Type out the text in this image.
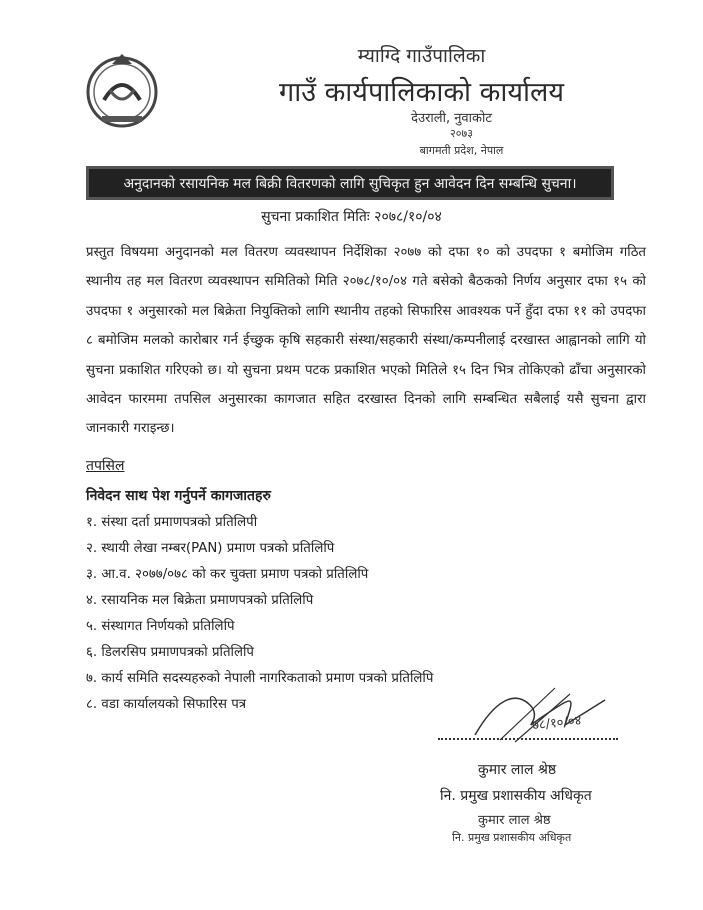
म्याग्दि गाउँपालिका
गाउँ कार्यपालिकाको कार्यालय
देउराली, नुवाकोट
२०७३
बागमती प्रदेश, नेपाल
अनुदानको रसायनिक मल बिक्री वितरणको लागि सुचिकृत हुन आवेदन दिन सम्बन्धि सुचना।
सुचना प्रकाशित मितिः २०७८/१०/०४
प्रस्तुत विषयमा अनुदानको मल वितरण व्यवस्थापन निर्देशिका २०७७ को दफा १० को उपदफा १ बमोजिम गठित स्थानीय तह मल वितरण व्यवस्थापन समितिको मिति २०७८/१०/०४ गते बसेको बैठकको निर्णय अनुसार दफा १५ को उपदफा १ अनुसारको मल बिक्रेता नियुक्तिको लागि स्थानीय तहको सिफारिस आवश्यक पर्ने हुँदा दफा ११ को उपदफा ८ बमोजिम मलको कारोबार गर्न ईच्छुक कृषि सहकारी संस्था/सहकारी संस्था/कम्पनीलाई दरखास्त आह्वानको लागि यो सुचना प्रकाशित गरिएको छ। यो सुचना प्रथम पटक प्रकाशित भएको मितिले १५ दिन भित्र तोकिएको ढाँचा अनुसारको आवेदन फारममा तपसिल अनुसारका कागजात सहित दरखास्त दिनको लागि सम्बन्धित सबैलाई यसै सुचना द्वारा जानकारी गराइन्छ।
तपसिल
निवेदन साथ पेश गर्नुपर्ने कागजातहरु
१. संस्था दर्ता प्रमाणपत्रको प्रतिलिपी
२. स्थायी लेखा नम्बर(PAN) प्रमाण पत्रको प्रतिलिपि
३. आ.व. २०७७/०७८ को कर चुक्ता प्रमाण पत्रको प्रतिलिपि
४. रसायनिक मल बिक्रेता प्रमाणपत्रको प्रतिलिपि
५. संस्थागत निर्णयको प्रतिलिपि
६. डिलरसिप प्रमाणपत्रको प्रतिलिपि
७. कार्य समिति सदस्यहरुको नेपाली नागरिकताको प्रमाण पत्रको प्रतिलिपि
८. वडा कार्यालयको सिफारिस पत्र
७८/१०/०४
कुमार लाल श्रेष्ठ
नि. प्रमुख प्रशासकीय अधिकृत
कुमार लाल श्रेष्ठ
नि. प्रमुख प्रशासकीय अधिकृत
